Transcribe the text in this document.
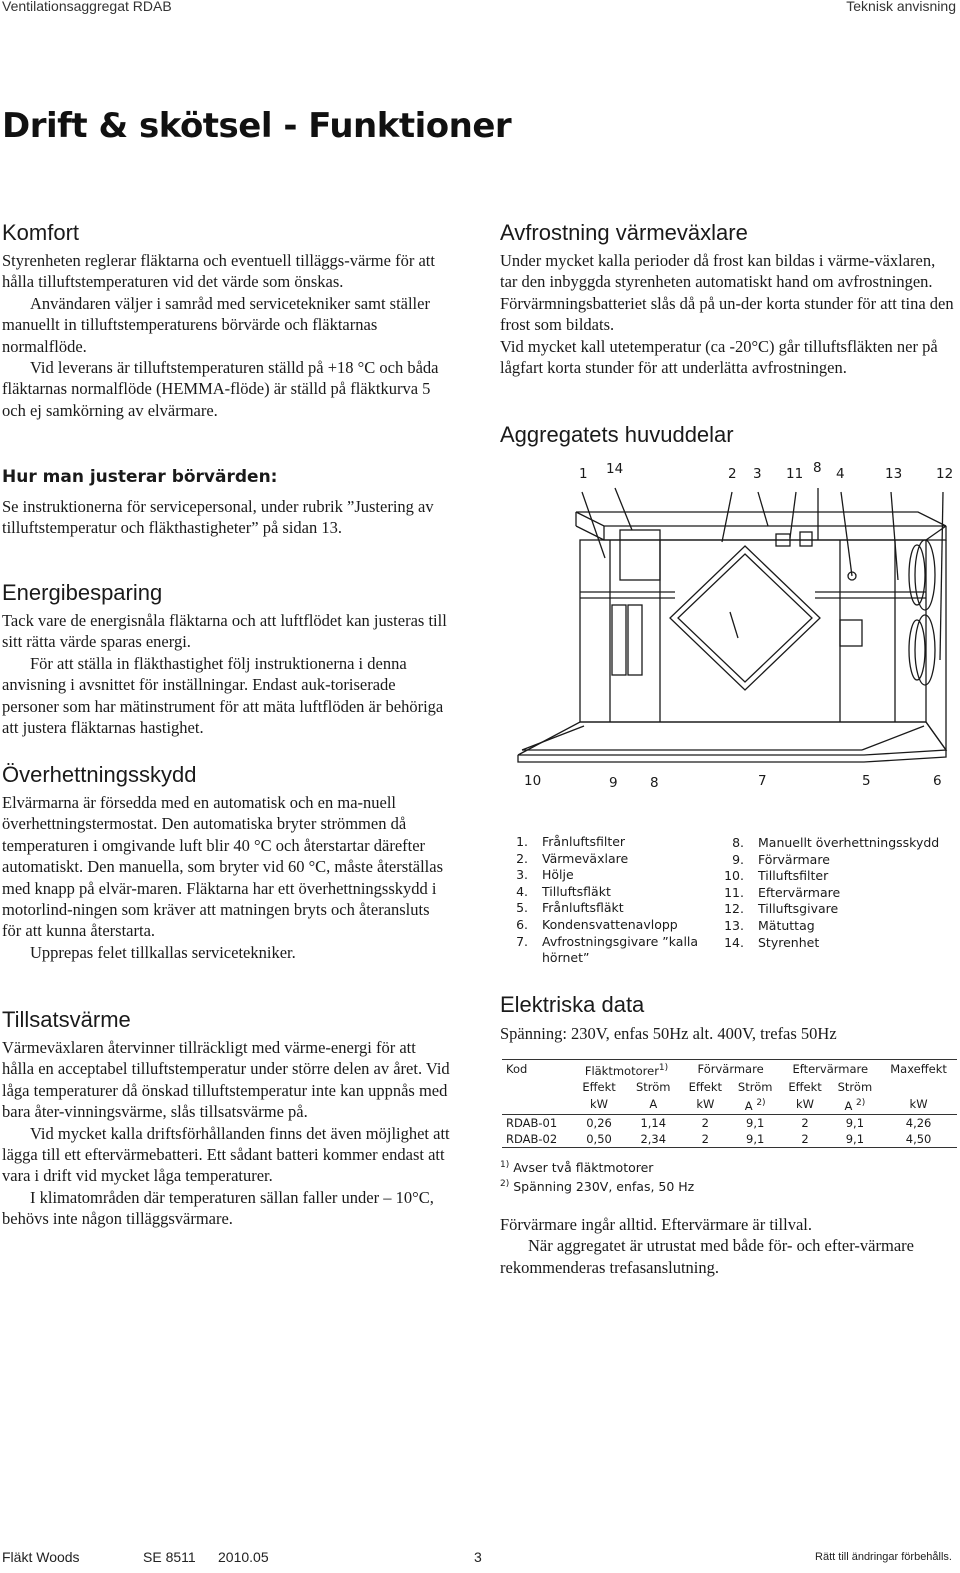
Ventilationsaggregat RDAB	Teknisk anvisning
Drift & skötsel - Funktioner
Komfort
Styrenheten reglerar fläktarna och eventuell tilläggs-värme för att hålla tilluftstemperaturen vid det värde som önskas.
Användaren väljer i samråd med servicetekniker samt ställer manuellt in tilluftstemperaturens börvärde och fläktarnas normalflöde.
Vid leverans är tilluftstemperaturen ställd på +18 °C och båda fläktarnas normalflöde (HEMMA-flöde) är ställd på fläktkurva 5 och ej samkörning av elvärmare.
Hur man justerar börvärden:
Se instruktionerna för servicepersonal, under rubrik ”Justering av tilluftstemperatur och fläkthastigheter” på sidan 13.
Energibesparing
Tack vare de energisnåla fläktarna och att luftflödet kan justeras till sitt rätta värde sparas energi.
För att ställa in fläkthastighet följ instruktionerna i denna anvisning i avsnittet för inställningar. Endast auk-toriserade personer som har mätinstrument för att mäta luftflöden är behöriga att justera fläktarnas hastighet.
Överhettningsskydd
Elvärmarna är försedda med en automatisk och en ma-nuell överhettningstermostat. Den automatiska bryter strömmen då temperaturen i omgivande luft blir 40 °C och återstartar därefter automatiskt. Den manuella, som bryter vid 60 °C, måste återställas med knapp på elvär-maren. Fläktarna har ett överhettningsskydd i motorlind-ningen som kräver att matningen bryts och återansluts för att kunna återstarta.
Upprepas felet tillkallas servicetekniker.
Tillsatsvärme
Värmeväxlaren återvinner tillräckligt med värme-energi för att hålla en acceptabel tilluftstemperatur under större delen av året. Vid låga temperaturer då önskad tilluftstemperatur inte kan uppnås med bara åter-vinningsvärme, slås tillsatsvärme på.
Vid mycket kalla driftsförhållanden finns det även möjlighet att lägga till ett eftervärmebatteri. Ett sådant batteri kommer endast att vara i drift vid mycket låga temperaturer.
I klimatområden där temperaturen sällan faller under – 10°C, behövs inte någon tilläggsvärmare.
Avfrostning värmeväxlare
Under mycket kalla perioder då frost kan bildas i värme-växlaren, tar den inbyggda styrenheten automatiskt hand om avfrostningen. Förvärmningsbatteriet slås då på un-der korta stunder för att tina den frost som bildats.
Vid mycket kall utetemperatur (ca -20°C) går tilluftsfläkten ner på lågfart korta stunder för att underlätta avfrostningen.
Aggregatets huvuddelar
1 14	2 3 11 8 4	13	12
10	9 8	7	5	6
1.	Frånluftsfilter
2.	Värmeväxlare
3.	Hölje
4.	Tilluftsfläkt
5.	Frånluftsfläkt
6.	Kondensvattenavlopp
7.	Avfrostningsgivare ”kalla hörnet”
8.	Manuellt överhettningsskydd
9.	Förvärmare
10.	Tilluftsfilter
11.	Eftervärmare
12.	Tilluftsgivare
13.	Mätuttag
14.	Styrenhet
Elektriska data
Spänning: 230V, enfas 50Hz alt. 400V, trefas 50Hz
Kod	Fläktmotorer$^{1)}$		Förvärmare		Eftervärmare		Maxeffekt
	Effekt	Ström	Effekt	Ström	Effekt	Ström	
	kW	A	kW	A $^{2)}$	kW	A $^{2)}$	kW
RDAB-01	0,26	1,14	2	9,1	2	9,1	4,26
RDAB-02	0,50	2,34	2	9,1	2	9,1	4,50
$^{1)}$ Avser två fläktmotorer
$^{2)}$ Spänning 230V, enfas, 50 Hz
Förvärmare ingår alltid. Eftervärmare är tillval.
När aggregatet är utrustat med både för- och efter-värmare rekommenderas trefasanslutning.
Fläkt Woods	SE 8511 2010.05	3	Rätt till ändringar förbehålls.
